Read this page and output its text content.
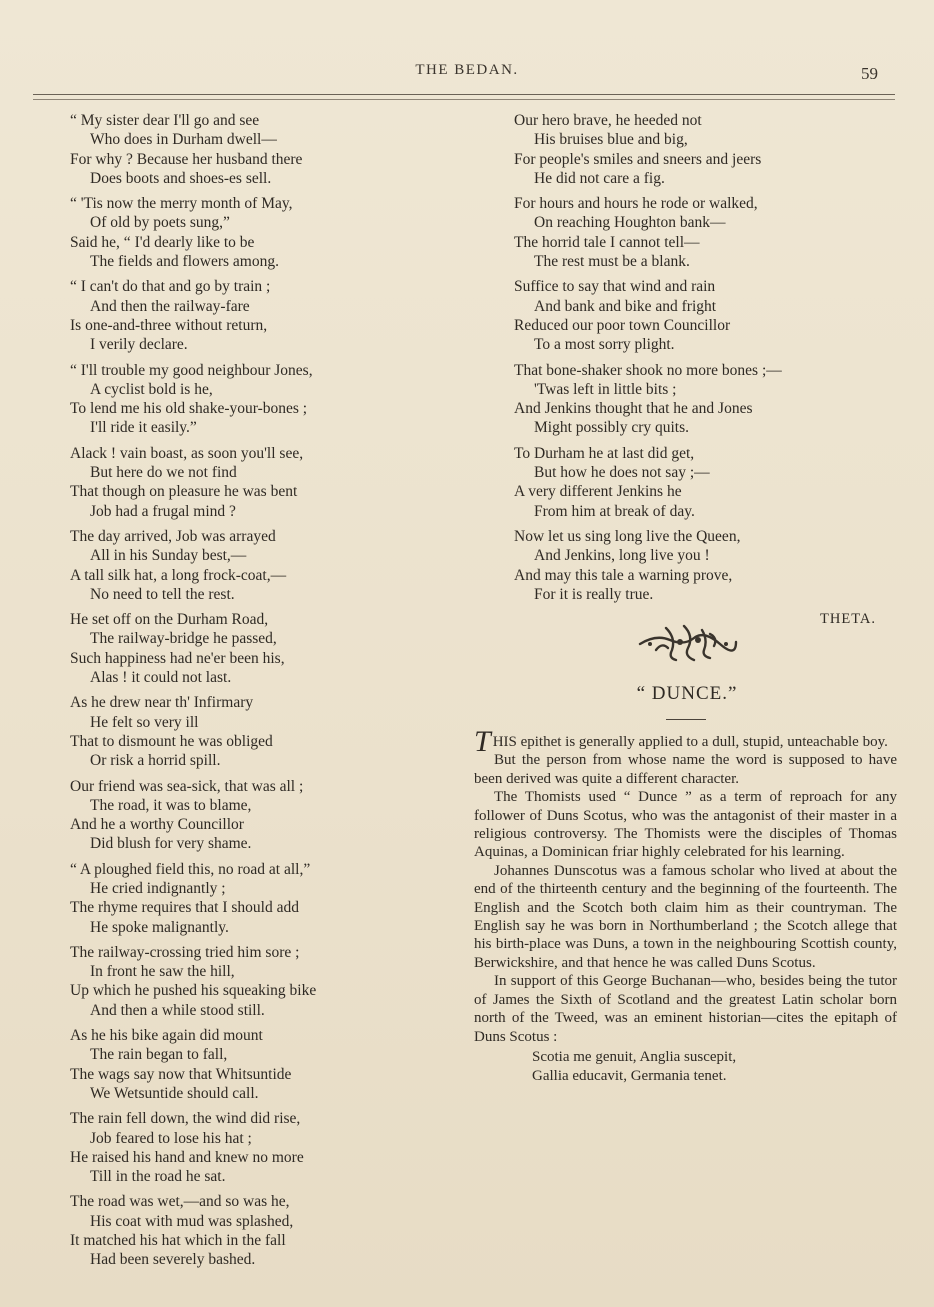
THE BEDAN.	59
“ My sister dear I'll go and see
Who does in Durham dwell—
For why ? Because her husband there
Does boots and shoes-es sell.
“ 'Tis now the merry month of May,
Of old by poets sung,”
Said he, “ I'd dearly like to be
The fields and flowers among.
“ I can't do that and go by train ;
And then the railway-fare
Is one-and-three without return,
I verily declare.
“ I'll trouble my good neighbour Jones,
A cyclist bold is he,
To lend me his old shake-your-bones ;
I'll ride it easily.”
Alack ! vain boast, as soon you'll see,
But here do we not find
That though on pleasure he was bent
Job had a frugal mind ?
The day arrived, Job was arrayed
All in his Sunday best,—
A tall silk hat, a long frock-coat,—
No need to tell the rest.
He set off on the Durham Road,
The railway-bridge he passed,
Such happiness had ne'er been his,
Alas ! it could not last.
As he drew near th' Infirmary
He felt so very ill
That to dismount he was obliged
Or risk a horrid spill.
Our friend was sea-sick, that was all ;
The road, it was to blame,
And he a worthy Councillor
Did blush for very shame.
“ A ploughed field this, no road at all,”
He cried indignantly ;
The rhyme requires that I should add
He spoke malignantly.
The railway-crossing tried him sore ;
In front he saw the hill,
Up which he pushed his squeaking bike
And then a while stood still.
As he his bike again did mount
The rain began to fall,
The wags say now that Whitsuntide
We Wetsuntide should call.
The rain fell down, the wind did rise,
Job feared to lose his hat ;
He raised his hand and knew no more
Till in the road he sat.
The road was wet,—and so was he,
His coat with mud was splashed,
It matched his hat which in the fall
Had been severely bashed.
Our hero brave, he heeded not
His bruises blue and big,
For people's smiles and sneers and jeers
He did not care a fig.
For hours and hours he rode or walked,
On reaching Houghton bank—
The horrid tale I cannot tell—
The rest must be a blank.
Suffice to say that wind and rain
And bank and bike and fright
Reduced our poor town Councillor
To a most sorry plight.
That bone-shaker shook no more bones ;—
'Twas left in little bits ;
And Jenkins thought that he and Jones
Might possibly cry quits.
To Durham he at last did get,
But how he does not say ;—
A very different Jenkins he
From him at break of day.
Now let us sing long live the Queen,
And Jenkins, long live you !
And may this tale a warning prove,
For it is really true.
THETA.
“ DUNCE.”

THIS epithet is generally applied to a dull, stupid, unteachable boy.

But the person from whose name the word is supposed to have been derived was quite a different character.

The Thomists used “ Dunce ” as a term of reproach for any follower of Duns Scotus, who was the antagonist of their master in a religious controversy. The Thomists were the disciples of Thomas Aquinas, a Dominican friar highly celebrated for his learning.

Johannes Dunscotus was a famous scholar who lived at about the end of the thirteenth century and the beginning of the fourteenth. The English and the Scotch both claim him as their countryman. The English say he was born in Northumberland ; the Scotch allege that his birth-place was Duns, a town in the neighbouring Scottish county, Berwickshire, and that hence he was called Duns Scotus.

In support of this George Buchanan—who, besides being the tutor of James the Sixth of Scotland and the greatest Latin scholar born north of the Tweed, was an eminent historian—cites the epitaph of Duns Scotus :

Scotia me genuit, Anglia suscepit,
Gallia educavit, Germania tenet.
